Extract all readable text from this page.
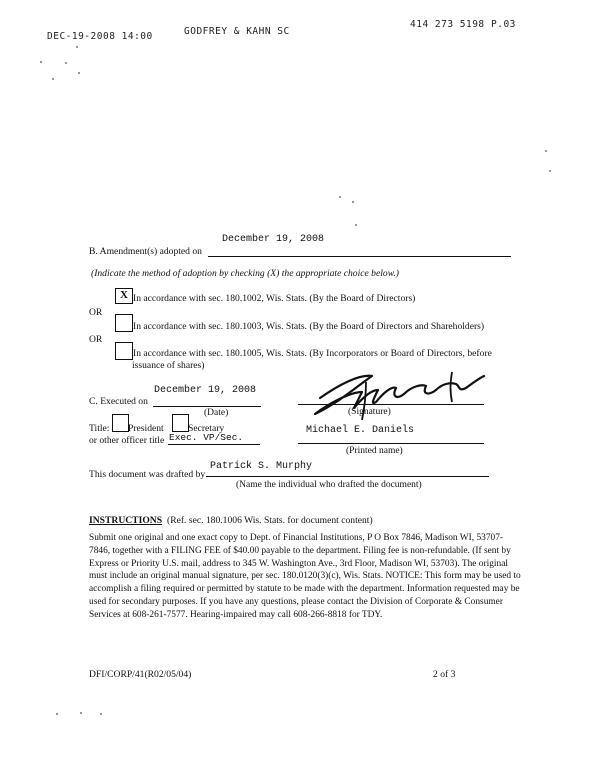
DEC-19-2008 14:00	GODFREY & KAHN SC
414 273 5198 P.03
B. Amendment(s) adopted on
December 19, 2008
(Indicate the method of adoption by checking (X) the appropriate choice below.)
X In accordance with sec. 180.1002, Wis. Stats. (By the Board of Directors)
OR
In accordance with sec. 180.1003, Wis. Stats. (By the Board of Directors and Shareholders)
OR
In accordance with sec. 180.1005, Wis. Stats. (By Incorporators or Board of Directors, before
issuance of shares)
December 19, 2008
C. Executed on
(Date)	(Signature)
Title: President	Secretary
or other officer title Exec. VP/Sec.
Michael E. Daniels
(Printed name)
This document was drafted by
Patrick S. Murphy
(Name the individual who drafted the document)
INSTRUCTIONS (Ref. sec. 180.1006 Wis. Stats. for document content)
Submit one original and one exact copy to Dept. of Financial Institutions, P O Box 7846, Madison WI, 53707-7846, together with a FILING FEE of $40.00 payable to the department. Filing fee is non-refundable. (If sent by Express or Priority U.S. mail, address to 345 W. Washington Ave., 3rd Floor, Madison WI, 53703). The original must include an original manual signature, per sec. 180.0120(3)(c), Wis. Stats. NOTICE: This form may be used to accomplish a filing required or permitted by statute to be made with the department. Information requested may be used for secondary purposes. If you have any questions, please contact the Division of Corporate & Consumer Services at 608-261-7577. Hearing-impaired may call 608-266-8818 for TDY.
DFI/CORP/41(R02/05/04)	2 of 3
